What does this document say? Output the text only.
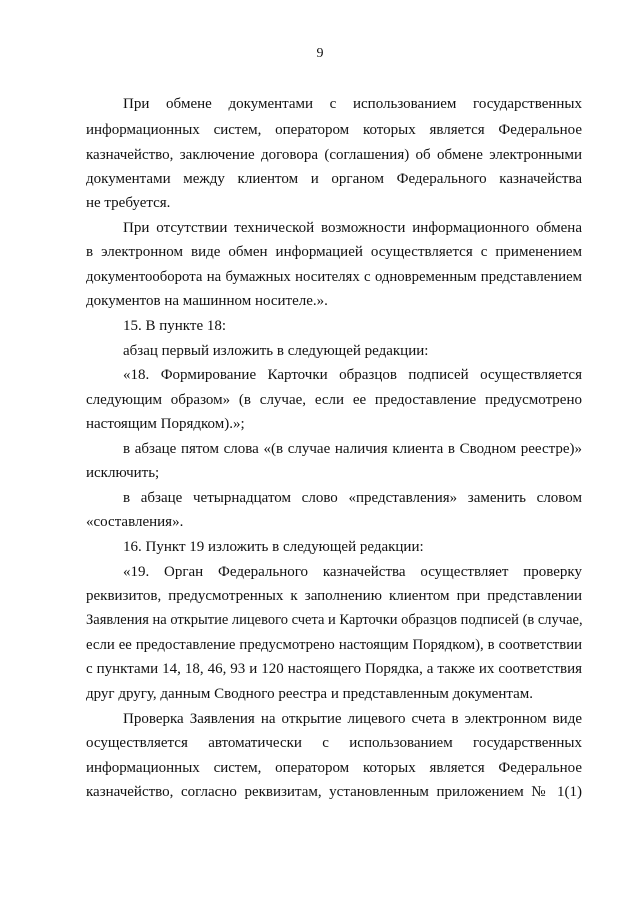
9
При обмене документами с использованием государственных
информационных систем, оператором которых является Федеральное
казначейство, заключение договора (соглашения) об обмене электронными
документами между клиентом и органом Федерального казначейства
не требуется.
При отсутствии технической возможности информационного обмена
в электронном виде обмен информацией осуществляется с применением
документооборота на бумажных носителях с одновременным представлением
документов на машинном носителе.».
15. В пункте 18:
абзац первый изложить в следующей редакции:
«18. Формирование Карточки образцов подписей осуществляется
следующим образом» (в случае, если ее предоставление предусмотрено
настоящим Порядком).»;
в абзаце пятом слова «(в случае наличия клиента в Сводном реестре)»
исключить;
в абзаце четырнадцатом слово «представления» заменить словом
«составления».
16. Пункт 19 изложить в следующей редакции:
«19. Орган Федерального казначейства осуществляет проверку
реквизитов, предусмотренных к заполнению клиентом при представлении
Заявления на открытие лицевого счета и Карточки образцов подписей (в случае,
если ее предоставление предусмотрено настоящим Порядком), в соответствии
с пунктами 14, 18, 46, 93 и 120 настоящего Порядка, а также их соответствия
друг другу, данным Сводного реестра и представленным документам.
Проверка Заявления на открытие лицевого счета в электронном виде
осуществляется автоматически с использованием государственных
информационных систем, оператором которых является Федеральное
казначейство, согласно реквизитам, установленным приложением № 1(1)
